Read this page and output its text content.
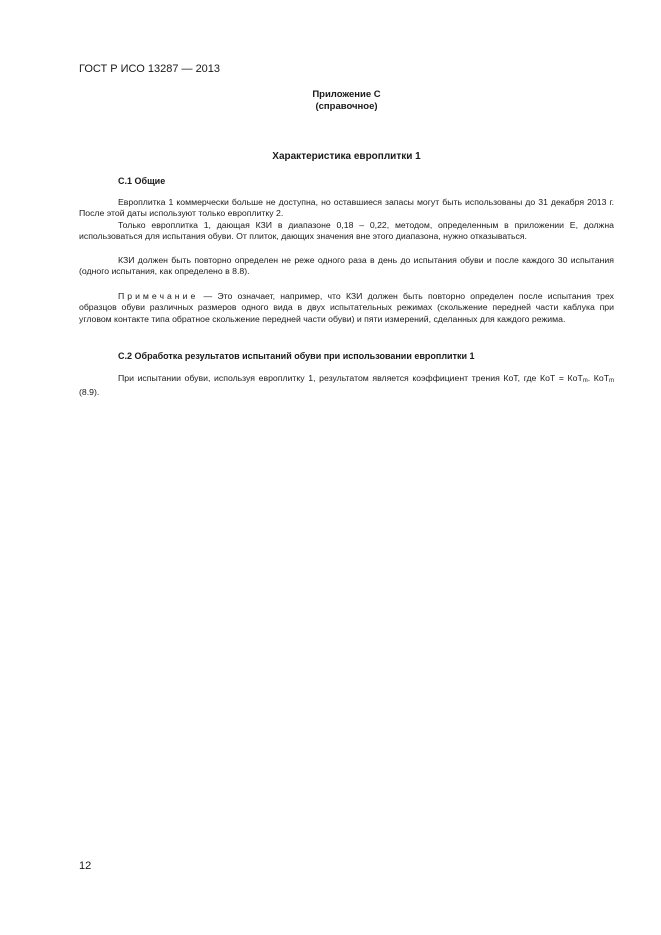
ГОСТ Р ИСО 13287 — 2013
Приложение С
(справочное)
Характеристика европлитки 1
С.1 Общие
Европлитка 1 коммерчески больше не доступна, но оставшиеся запасы могут быть использованы до 31 декабря 2013 г. После этой даты используют только европлитку 2.
Только европлитка 1, дающая КЗИ в диапазоне 0,18 – 0,22, методом, определенным в приложении Е, должна использоваться для испытания обуви. От плиток, дающих значения вне этого диапазона, нужно отказываться.
КЗИ должен быть повторно определен не реже одного раза в день до испытания обуви и после каждого 30 испытания (одного испытания, как определено в 8.8).
Примечание — Это означает, например, что КЗИ должен быть повторно определен после испытания трех образцов обуви различных размеров одного вида в двух испытательных режимах (скольжение передней части каблука при угловом контакте типа обратное скольжение передней части обуви) и пяти измерений, сделанных для каждого режима.
С.2 Обработка результатов испытаний обуви при использовании европлитки 1
При испытании обуви, используя европлитку 1, результатом является коэффициент трения КоТ, где КоТ = КоТ$_m$. КоТ$_m$ (8.9).
12
